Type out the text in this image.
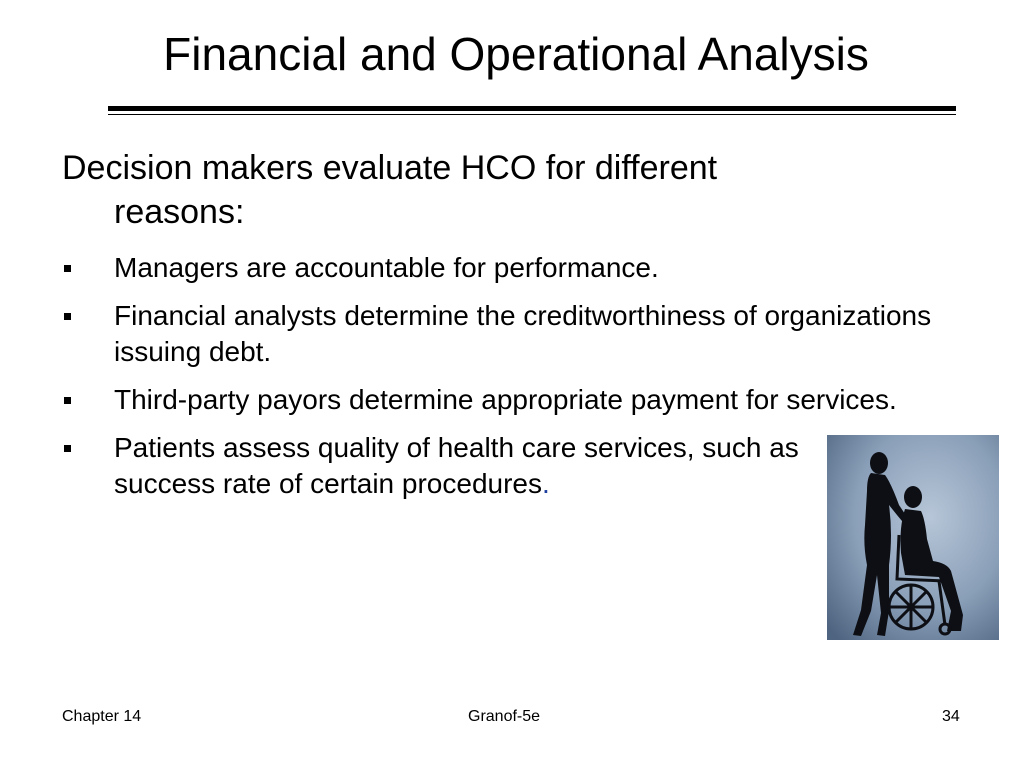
Financial and Operational Analysis
Decision makers evaluate HCO for different
reasons:
Managers are accountable for performance.
Financial analysts determine the creditworthiness of organizations issuing debt.
Third-party payors determine appropriate payment for services.
Patients assess quality of health care services, such as success rate of certain procedures.
Chapter 14	Granof-5e	34
